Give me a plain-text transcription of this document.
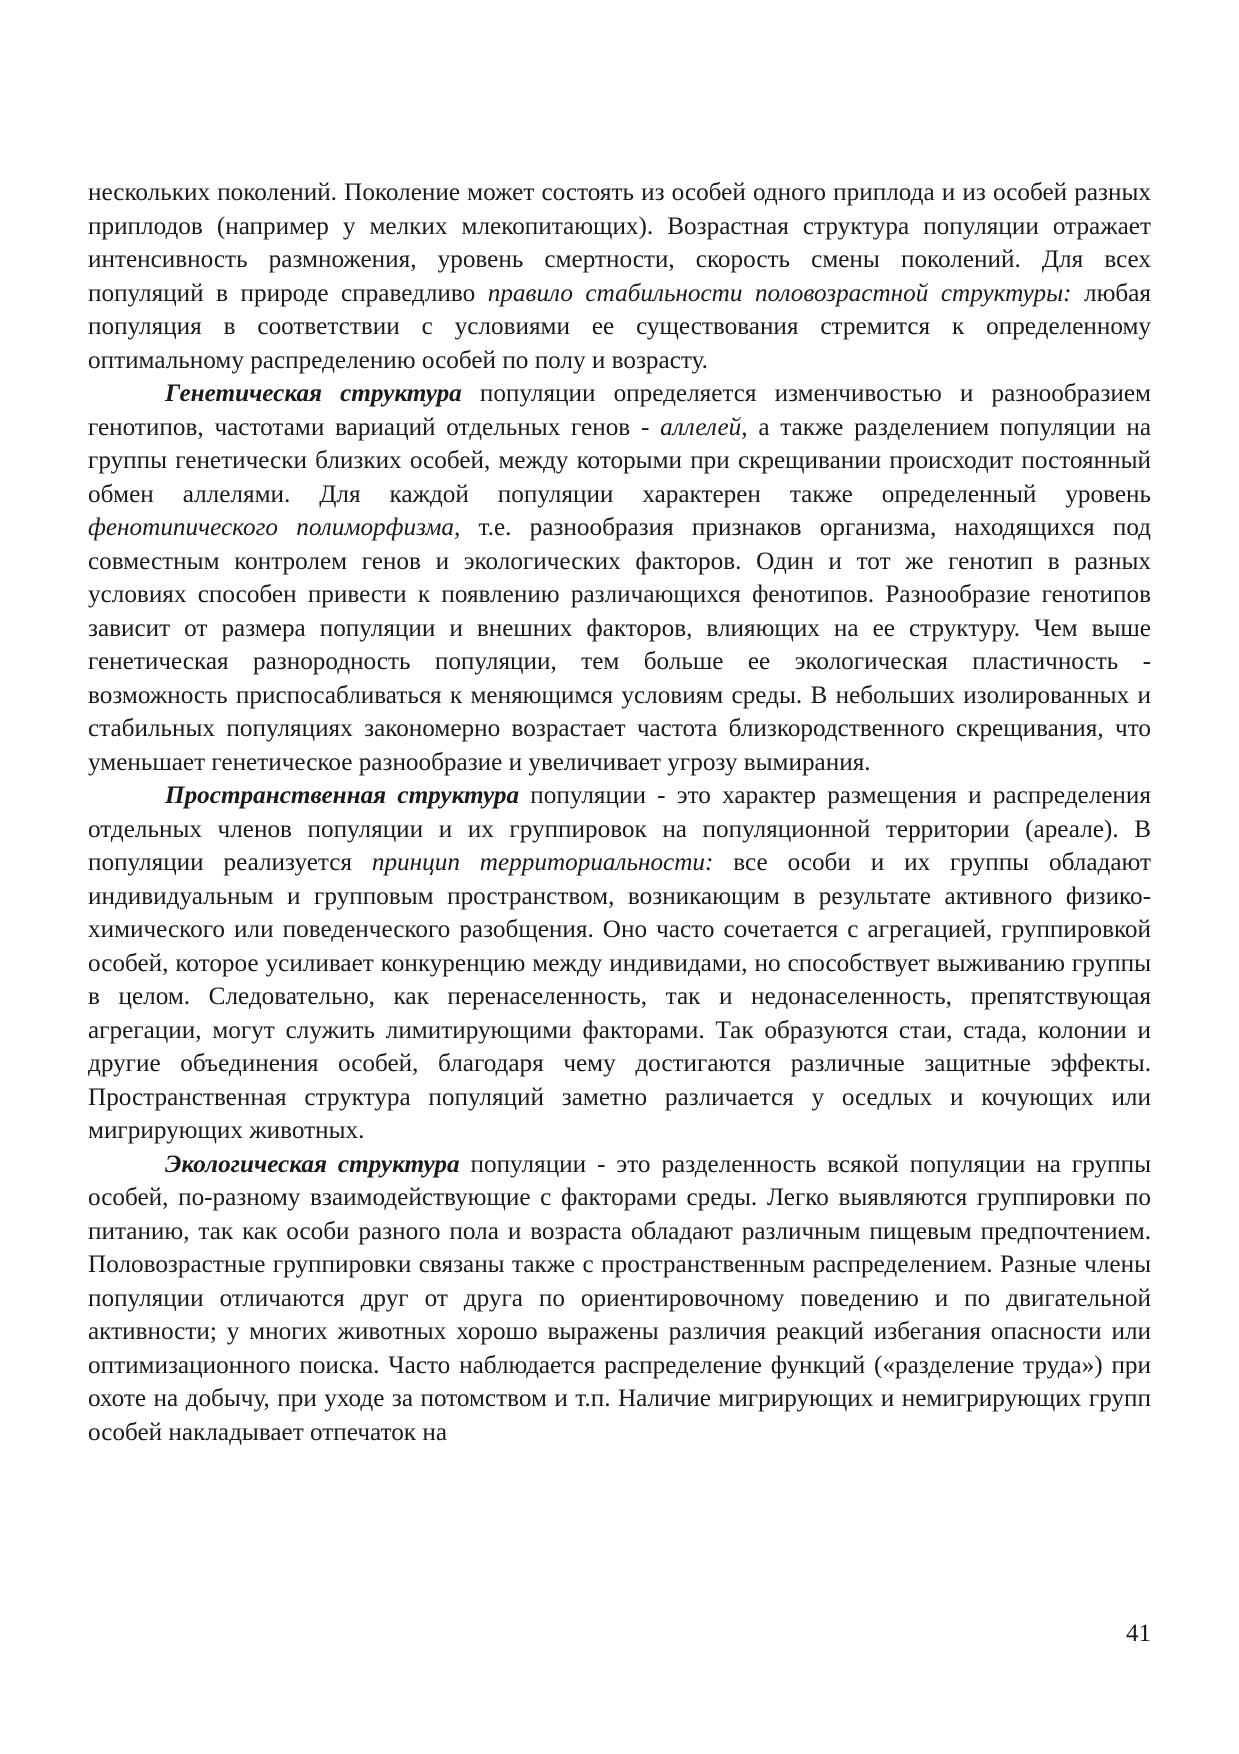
нескольких поколений. Поколение может состоять из особей одного приплода и из особей разных приплодов (например у мелких млекопитающих). Возрастная структура популяции отражает интенсивность размножения, уровень смертности, скорость смены поколений. Для всех популяций в природе справедливо правило стабильности половозрастной структуры: любая популяция в соответствии с условиями ее существования стремится к определенному оптимальному распределению особей по полу и возрасту.

Генетическая структура популяции определяется изменчивостью и разнообразием генотипов, частотами вариаций отдельных генов - аллелей, а также разделением популяции на группы генетически близких особей, между которыми при скрещивании происходит постоянный обмен аллелями. Для каждой популяции характерен также определенный уровень фенотипического полиморфизма, т.е. разнообразия признаков организма, находящихся под совместным контролем генов и экологических факторов. Один и тот же генотип в разных условиях способен привести к появлению различающихся фенотипов. Разнообразие генотипов зависит от размера популяции и внешних факторов, влияющих на ее структуру. Чем выше генетическая разнородность популяции, тем больше ее экологическая пластичность - возможность приспосабливаться к меняющимся условиям среды. В небольших изолированных и стабильных популяциях закономерно возрастает частота близкородственного скрещивания, что уменьшает генетическое разнообразие и увеличивает угрозу вымирания.

Пространственная структура популяции - это характер размещения и распределения отдельных членов популяции и их группировок на популяционной территории (ареале). В популяции реализуется принцип территориальности: все особи и их группы обладают индивидуальным и групповым пространством, возникающим в результате активного физико-химического или поведенческого разобщения. Оно часто сочетается с агрегацией, группировкой особей, которое усиливает конкуренцию между индивидами, но способствует выживанию группы в целом. Следовательно, как перенаселенность, так и недонаселенность, препятствующая агрегации, могут служить лимитирующими факторами. Так образуются стаи, стада, колонии и другие объединения особей, благодаря чему достигаются различные защитные эффекты. Пространственная структура популяций заметно различается у оседлых и кочующих или мигрирующих животных.

Экологическая структура популяции - это разделенность всякой популяции на группы особей, по-разному взаимодействующие с факторами среды. Легко выявляются группировки по питанию, так как особи разного пола и возраста обладают различным пищевым предпочтением. Половозрастные группировки связаны также с пространственным распределением. Разные члены популяции отличаются друг от друга по ориентировочному поведению и по двигательной активности; у многих животных хорошо выражены различия реакций избегания опасности или оптимизационного поиска. Часто наблюдается распределение функций («разделение труда») при охоте на добычу, при уходе за потомством и т.п. Наличие мигрирующих и немигрирующих групп особей накладывает отпечаток на

41
